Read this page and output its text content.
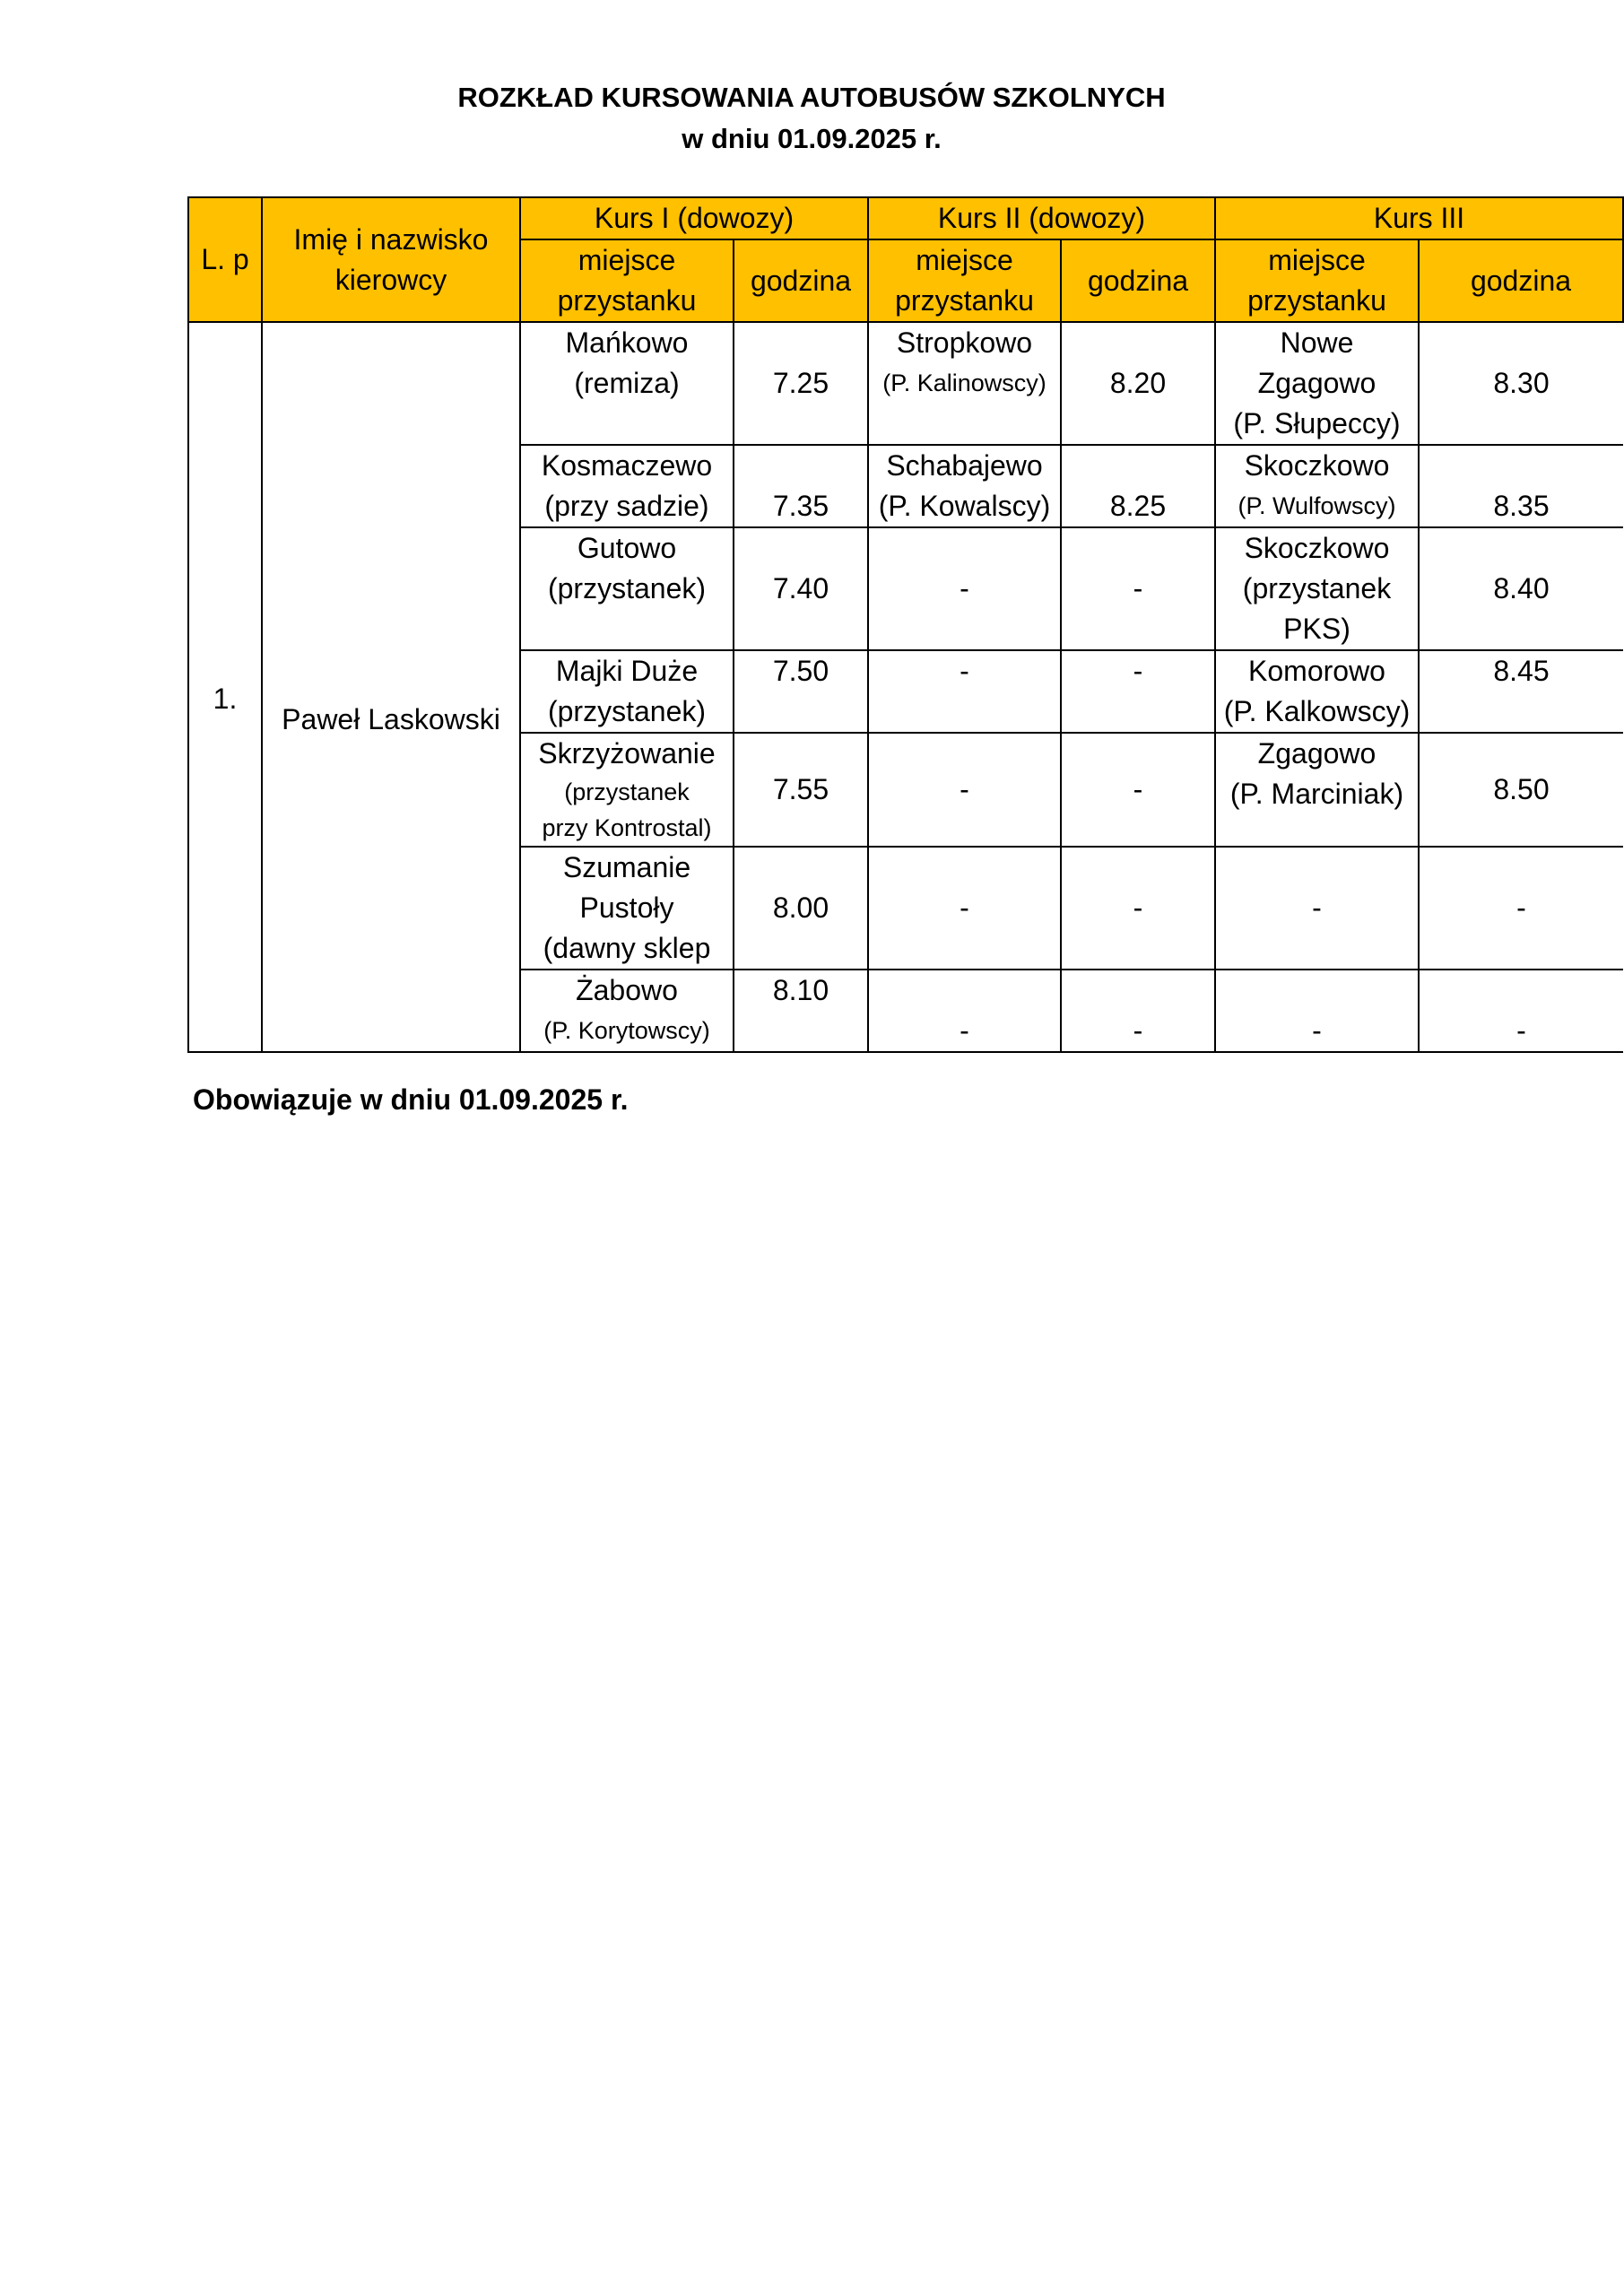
ROZKŁAD KURSOWANIA AUTOBUSÓW SZKOLNYCH
w dniu 01.09.2025 r.
L. p	Imię i nazwisko
kierowcy	Kurs I (dowozy)		Kurs II (dowozy)		Kurs III	

		miejsce
przystanku	godzina	miejsce
przystanku	godzina	miejsce
przystanku	godzina
1.	Paweł Laskowski	Mańkowo
(remiza)	7.25	Stropkowo
(P. Kalinowscy)	8.20	Nowe
Zgagowo
(P. Słupeccy)	8.30

		Kosmaczewo
(przy sadzie)	7.35	Schabajewo
(P. Kowalscy)	8.25	Skoczkowo
(P. Wulfowscy)	8.35

		Gutowo
(przystanek)	7.40	-	-	Skoczkowo
(przystanek
PKS)	8.40

		Majki Duże
(przystanek)	7.50	-	-	Komorowo
(P. Kalkowscy)	8.45

		Skrzyżowanie
(przystanek
przy Kontrostal)	7.55	-	-	Zgagowo
(P. Marciniak)	8.50

		Szumanie
Pustoły
(dawny sklep	8.00	-	-	-	-

		Żabowo
(P. Korytowscy)	8.10	-	-	-	-
Obowiązuje w dniu 01.09.2025 r.
